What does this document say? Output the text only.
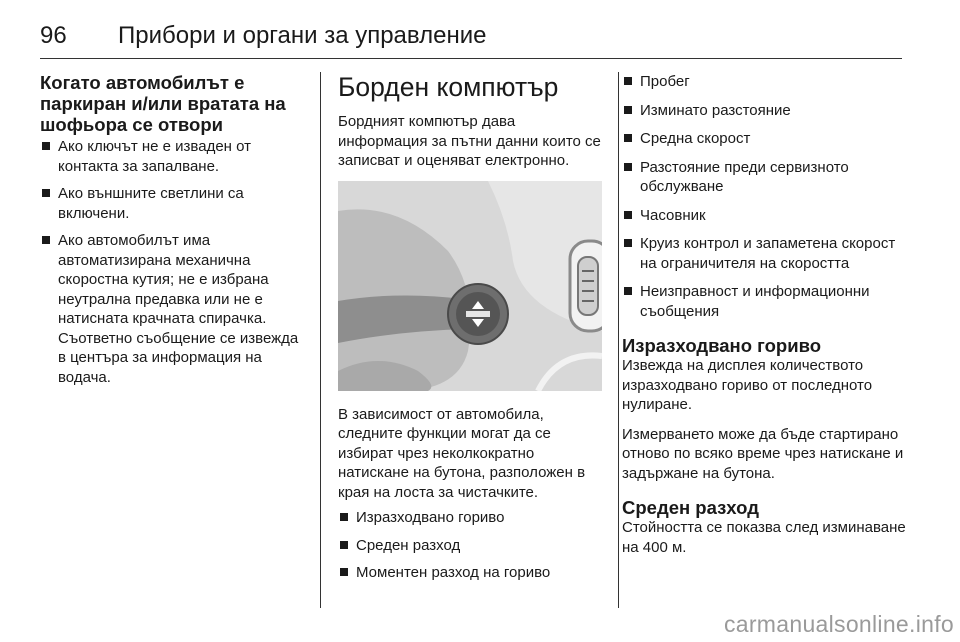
96	Прибори и органи за управление
Когато автомобилът е паркиран и/или вратата на шофьора се отвори
Ако ключът не е изваден от контакта за запалване.
Ако външните светлини са включени.
Ако автомобилът има автоматизирана механична скоростна кутия; не е избрана неутрална предавка или не е натисната крачната спирачка. Съответно съобщение се извежда в центъра за информация на водача.
Борден компютър

Бордният компютър дава информация за пътни данни които се записват и оценяват електронно.

В зависимост от автомобила, следните функции могат да се избират чрез неколкократно натискане на бутона, разположен в края на лоста за чистачките.

Изразходвано гориво
Среден разход
Моментен разход на гориво
Пробег
Изминато разстояние
Средна скорост
Разстояние преди сервизното обслужване
Часовник
Круиз контрол и запаметена скорост на ограничителя на скоростта
Неизправност и информационни съобщения
Изразходвано гориво

Извежда на дисплея количеството изразходвано гориво от последното нулиране.

Измерването може да бъде стартирано отново по всяко време чрез натискане и задържане на бутона.

Среден разход

Стойността се показва след изминаване на 400 м.

carmanualsonline.info
